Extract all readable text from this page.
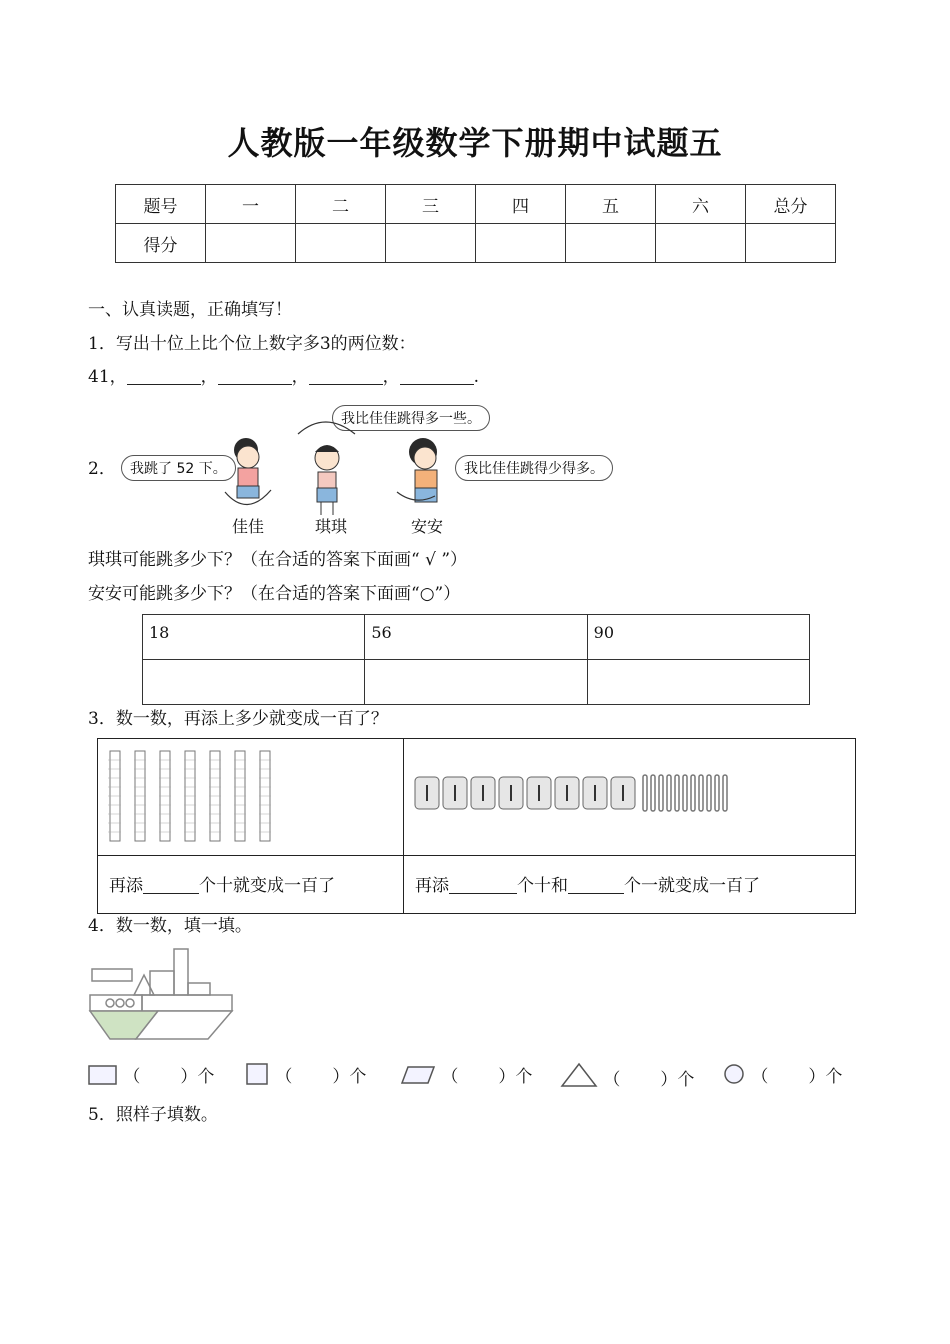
人教版一年级数学下册期中试题五
题号	一	二	三	四	五	六	总分
得分							
一、认真读题，正确填写！
1．写出十位上比个位上数字多3的两位数：
41，	，	，	，	.
2．	我跳了 52 下。
我比佳佳跳得多一些。
我比佳佳跳得少得多。
佳佳	琪琪	安安
琪琪可能跳多少下？（在合适的答案下面画“ √ ”）
安安可能跳多少下？（在合适的答案下面画“○”）
18	56	90

3．数一数，再添上多少就变成一百了？
再添	个十就变成一百了	再添	个十和	个一就变成一百了
4．数一数，填一填。
（ ）个	（ ）个	（ ）个	（ ）个	（ ）个
5．照样子填数。
